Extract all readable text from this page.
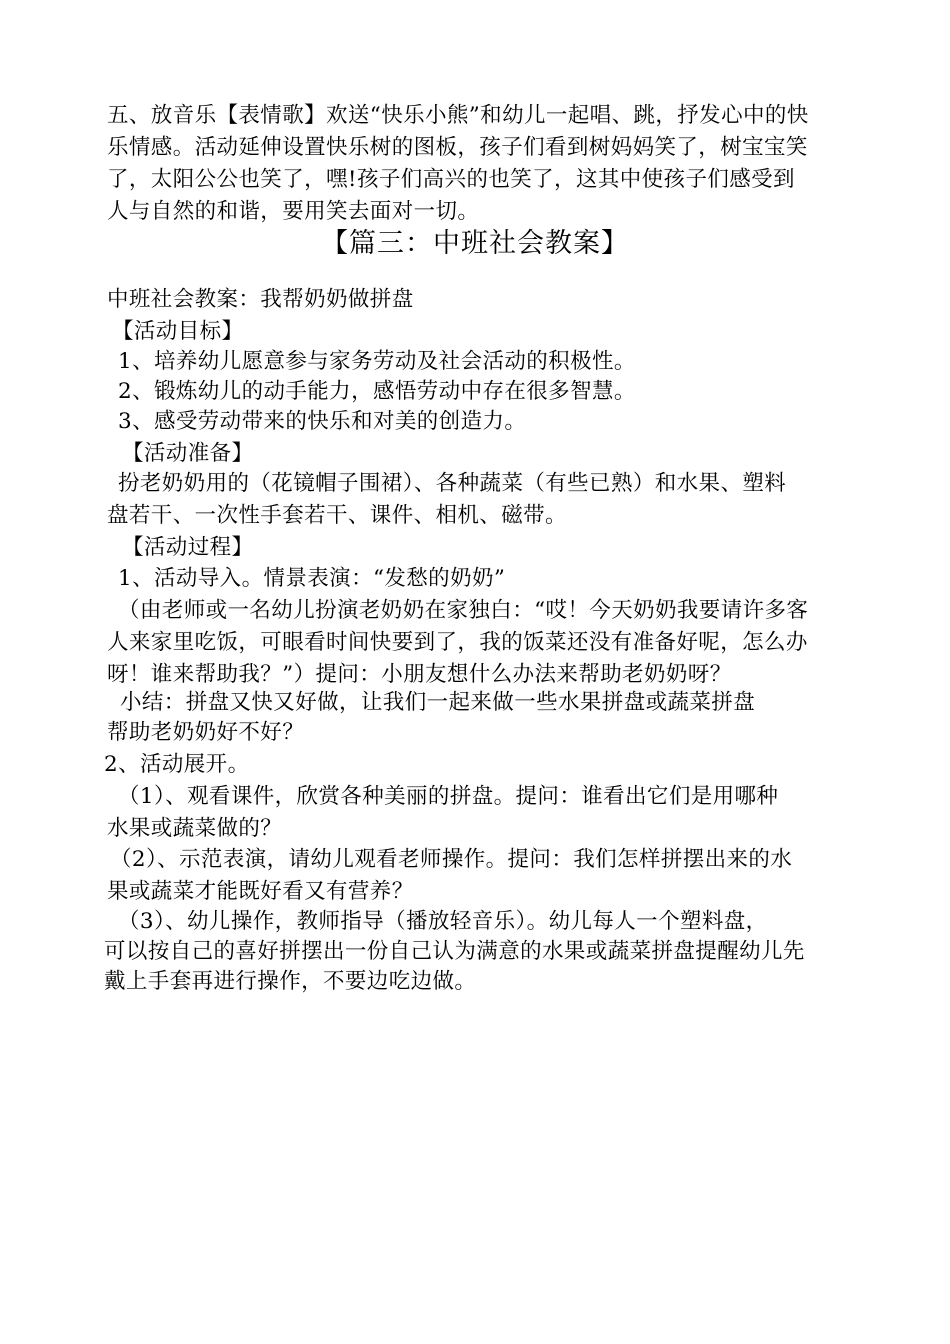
五、放音乐【表情歌】欢送“快乐小熊”和幼儿一起唱、跳，抒发心中的快
乐情感。活动延伸设置快乐树的图板，孩子们看到树妈妈笑了，树宝宝笑
了，太阳公公也笑了，嘿!孩子们高兴的也笑了，这其中使孩子们感受到
人与自然的和谐，要用笑去面对一切。
【篇三：中班社会教案】
中班社会教案：我帮奶奶做拼盘
【活动目标】
1、培养幼儿愿意参与家务劳动及社会活动的积极性。
2、锻炼幼儿的动手能力，感悟劳动中存在很多智慧。
3、感受劳动带来的快乐和对美的创造力。
【活动准备】
扮老奶奶用的（花镜帽子围裙）、各种蔬菜（有些已熟）和水果、塑料
盘若干、一次性手套若干、课件、相机、磁带。
【活动过程】
1、活动导入。情景表演：“发愁的奶奶”
（由老师或一名幼儿扮演老奶奶在家独白：“哎！今天奶奶我要请许多客
人来家里吃饭，可眼看时间快要到了，我的饭菜还没有准备好呢，怎么办
呀！谁来帮助我？”）提问：小朋友想什么办法来帮助老奶奶呀？
小结：拼盘又快又好做，让我们一起来做一些水果拼盘或蔬菜拼盘
帮助老奶奶好不好？
2、活动展开。
（1）、观看课件，欣赏各种美丽的拼盘。提问：谁看出它们是用哪种
水果或蔬菜做的？
（2）、示范表演，请幼儿观看老师操作。提问：我们怎样拼摆出来的水
果或蔬菜才能既好看又有营养？
（3）、幼儿操作，教师指导（播放轻音乐）。幼儿每人一个塑料盘，
可以按自己的喜好拼摆出一份自己认为满意的水果或蔬菜拼盘提醒幼儿先
戴上手套再进行操作，不要边吃边做。
